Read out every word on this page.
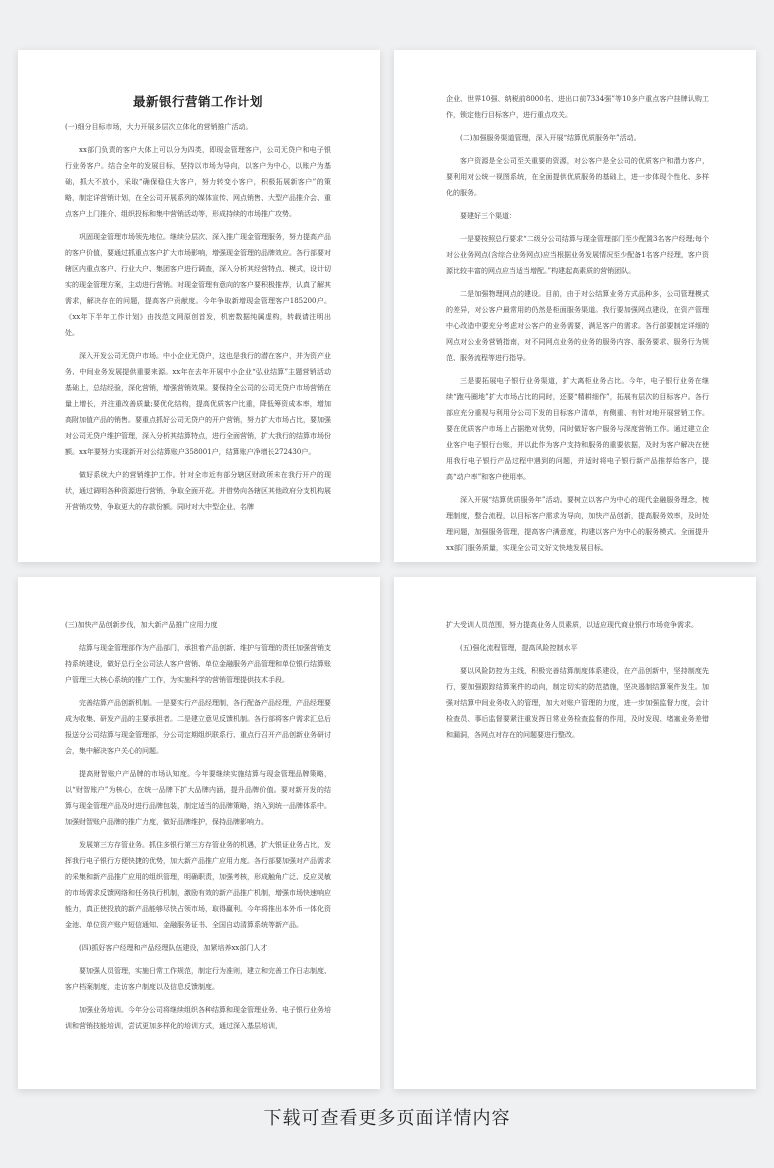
最新银行营销工作计划
(一)细分目标市场，大力开展多层次立体化的营销推广活动。
xx部门负责的客户大体上可以分为四类，即现金管理客户，公司无贷户和电子银行业务客户。结合全年的发展目标，坚持以市场为导向，以客户为中心，以账户为基础，抓大不放小，采取“确保稳住大客户，努力转变小客户，积极拓展新客户”的策略，制定详营销计划，在全公司开展系列的媒体宣传、网点销售、大型产品推介会、重点客户上门推介、组织投标和集中营销活动等，形成持续的市场推广攻势。
巩固现金管理市场领先地位。继续分层次、深入推广现金管理服务，努力提高产品的客户价值，要通过抓重点客户扩大市场影响，增强现金管理的品牌效应。各行部要对辖区内重点客户、行业大户、集团客户进行调查，深入分析其经营特点、模式，设计切实的现金管理方案，主动进行营销。对现金管理有意向的客户要积极推荐，认真了解其需求，解决存在的问题，提高客户贡献度。今年争取新增现金管理客户185200户。《xx年下半年工作计划》由找范文网原创首发，机密数据纯属虚构，转载请注明出处。
深入开发公司无贷户市场。中小企业无贷户，这也是我行的潜在客户，并为资产业务、中间业务发展提供重要来源。xx年在去年开展中小企业“弘业结算”主题营销活动基础上，总结经验，深化营销，增强营销效果。要保持全公司的公司无贷户市场营销在量上增长，并注重改善质量;要优化结构，提高优质客户比重，降低筹资成本率，增加高附加值产品的销售。要重点抓好公司无贷户的开户营销，努力扩大市场占比，要加强对公司无贷户维护管理，深入分析其结算特点，进行全面营销，扩大我行的结算市场份额。xx年要努力实现新开对公结算账户358001户，结算账户净增长272430户。
做好系统大户的营销维护工作。针对全市近有部分辖区财政所未在我行开户的现状，通过调明各种资源进行营销，争取全面开花。并借势向各辖区其他政府分支机构展开营销攻势，争取更大的存款份额。同时对大中型企业、名牌
企业、世界10强、纳税前8000名、进出口前7334强”等10多户重点客户挂牌认购工作，锁定他行目标客户，进行重点攻关。
(二)加强服务渠道管理，深入开展“结算优质服务年”活动。
客户资源是全公司至关重要的资源，对公客户是全公司的优质客户和潜力客户，要利用对公统一视图系统，在全面提供优质服务的基础上，进一步体现个性化、多样化的服务。
要建好三个渠道：
一是要按照总行要求“二级分公司结算与现金管理部门至少配置3名客户经理;每个对公业务网点(含综合业务网点)应当根据业务发展情况至少配备1名客户经理，客户资源比较丰富的网点应当适当增配。”构建起高素质的营销团队。
二是加强物理网点的建设。目前，由于对公结算业务方式品种多，公司管理模式的差异，对公客户最常用的仍然是柜面服务渠道。我行要加强网点建设，在资产管理中心改造中要充分考虑对公客户的业务需要，满足客户的需求。各行部要制定详细的网点对公业务营销指南，对不同网点业务的业务的服务内容、服务要求、服务行为规范、服务流程等进行指导。
三是要拓展电子银行业务渠道，扩大离柜业务占比。今年，电子银行业务在继续“跑马圈地”扩大市场占比的同时，还要“精耕细作”，拓展有层次的目标客户。各行部应充分重视与利用分公司下发的目标客户清单，有侧重、有针对地开展营销工作。要在优质客户市场上占据绝对优势，同时做好客户服务与深度营销工作。通过建立企业客户电子银行台账，并以此作为客户支持和服务的重要依据，及时为客户解决在使用我行电子银行产品过程中遇到的问题，并适时将电子银行新产品推荐给客户，提高“动户率”和客户使用率。
深入开展“结算优质服务年”活动。要树立以客户为中心的现代金融服务理念，梳理制度，整合流程，以目标客户需求为导向，加快产品创新，提高服务效率，及时处理问题，加强服务管理，提高客户满意度，构建以客户为中心的服务模式。全面提升xx部门服务质量，实现全公司文好文快地发展目标。
(三)加快产品创新步伐，加大新产品推广应用力度
结算与现金管理部作为产品部门，承担着产品创新、维护与管理的责任加强营销支持系统建设，做好总行全公司法人客户营销、单位金融服务产品管理和单位银行结算账户管理三大核心系统的推广工作，为实施科学的营销管理提供技术手段。
完善结算产品创新机制。一是要实行产品经理制，各行配备产品经理，产品经理要成为收集、研发产品的主要承担者。二是建立意见反馈机制。各行部将客户需求汇总后报送分公司结算与现金管理部，分公司定期组织联系行、重点行召开产品创新业务研讨会，集中解决客户关心的问题。
提高财智账户产品牌的市场认知度。今年要继续实施结算与现金管理品牌策略，以“财智账户”为核心，在统一品牌下扩大品牌内涵，提升品牌价值。要对新开发的结算与现金管理产品及时进行品牌包装，制定适当的品牌策略，纳入到统一品牌体系中。加强财智账户品牌的推广力度，做好品牌维护，保持品牌影响力。
发展第三方存管业务。抓住多银行第三方存管业务的机遇，扩大银证业务占比，发挥我行电子银行方便快捷的优势，加大新产品推广应用力度。各行部要加强对产品需求的采集和新产品推广应用的组织管理，明确职责，加强考核，形成触角广泛、反应灵敏的市场需求反馈网络和任务执行机制，激励有效的新产品推广机制，增强市场快速响应能力，真正使投放的新产品能够尽快占领市场，取得赢利。今年将推出本外币一体化资金池、单位资产账户短信通知、金融服务证书、全国自动清算系统等新产品。
(四)抓好客户经理和产品经理队伍建设，加紧培养xx部门人才
要加强人员管理，实施日常工作规范，制定行为准则，建立和完善工作日志制度、客户档案制度，走访客户制度以及信息反馈制度。
加强业务培训。今年分公司将继续组织各种结算和现金管理业务、电子银行业务培训和营销技能培训，尝试更加多样化的培训方式，通过深入基层培训，
扩大受训人员范围，努力提高业务人员素质，以适应现代商业银行市场竞争需求。
(五)强化流程管理，提高风险控制水平
要以风险防控为主线，积极完善结算制度体系建设，在产品创新中，坚持制度先行，要加强跟踪结算案件的动向，制定切实的防范措施，坚决遏制结算案件发生。加强对结算中间业务收入的管理，加大对账户管理的力度，进一步加强监督力度，会计检查员、事后监督要紧注重发挥日常业务检查监督的作用，及时发现、堵塞业务差错和漏洞，各网点对存在的问题要进行整改。
下载可查看更多页面详情内容
